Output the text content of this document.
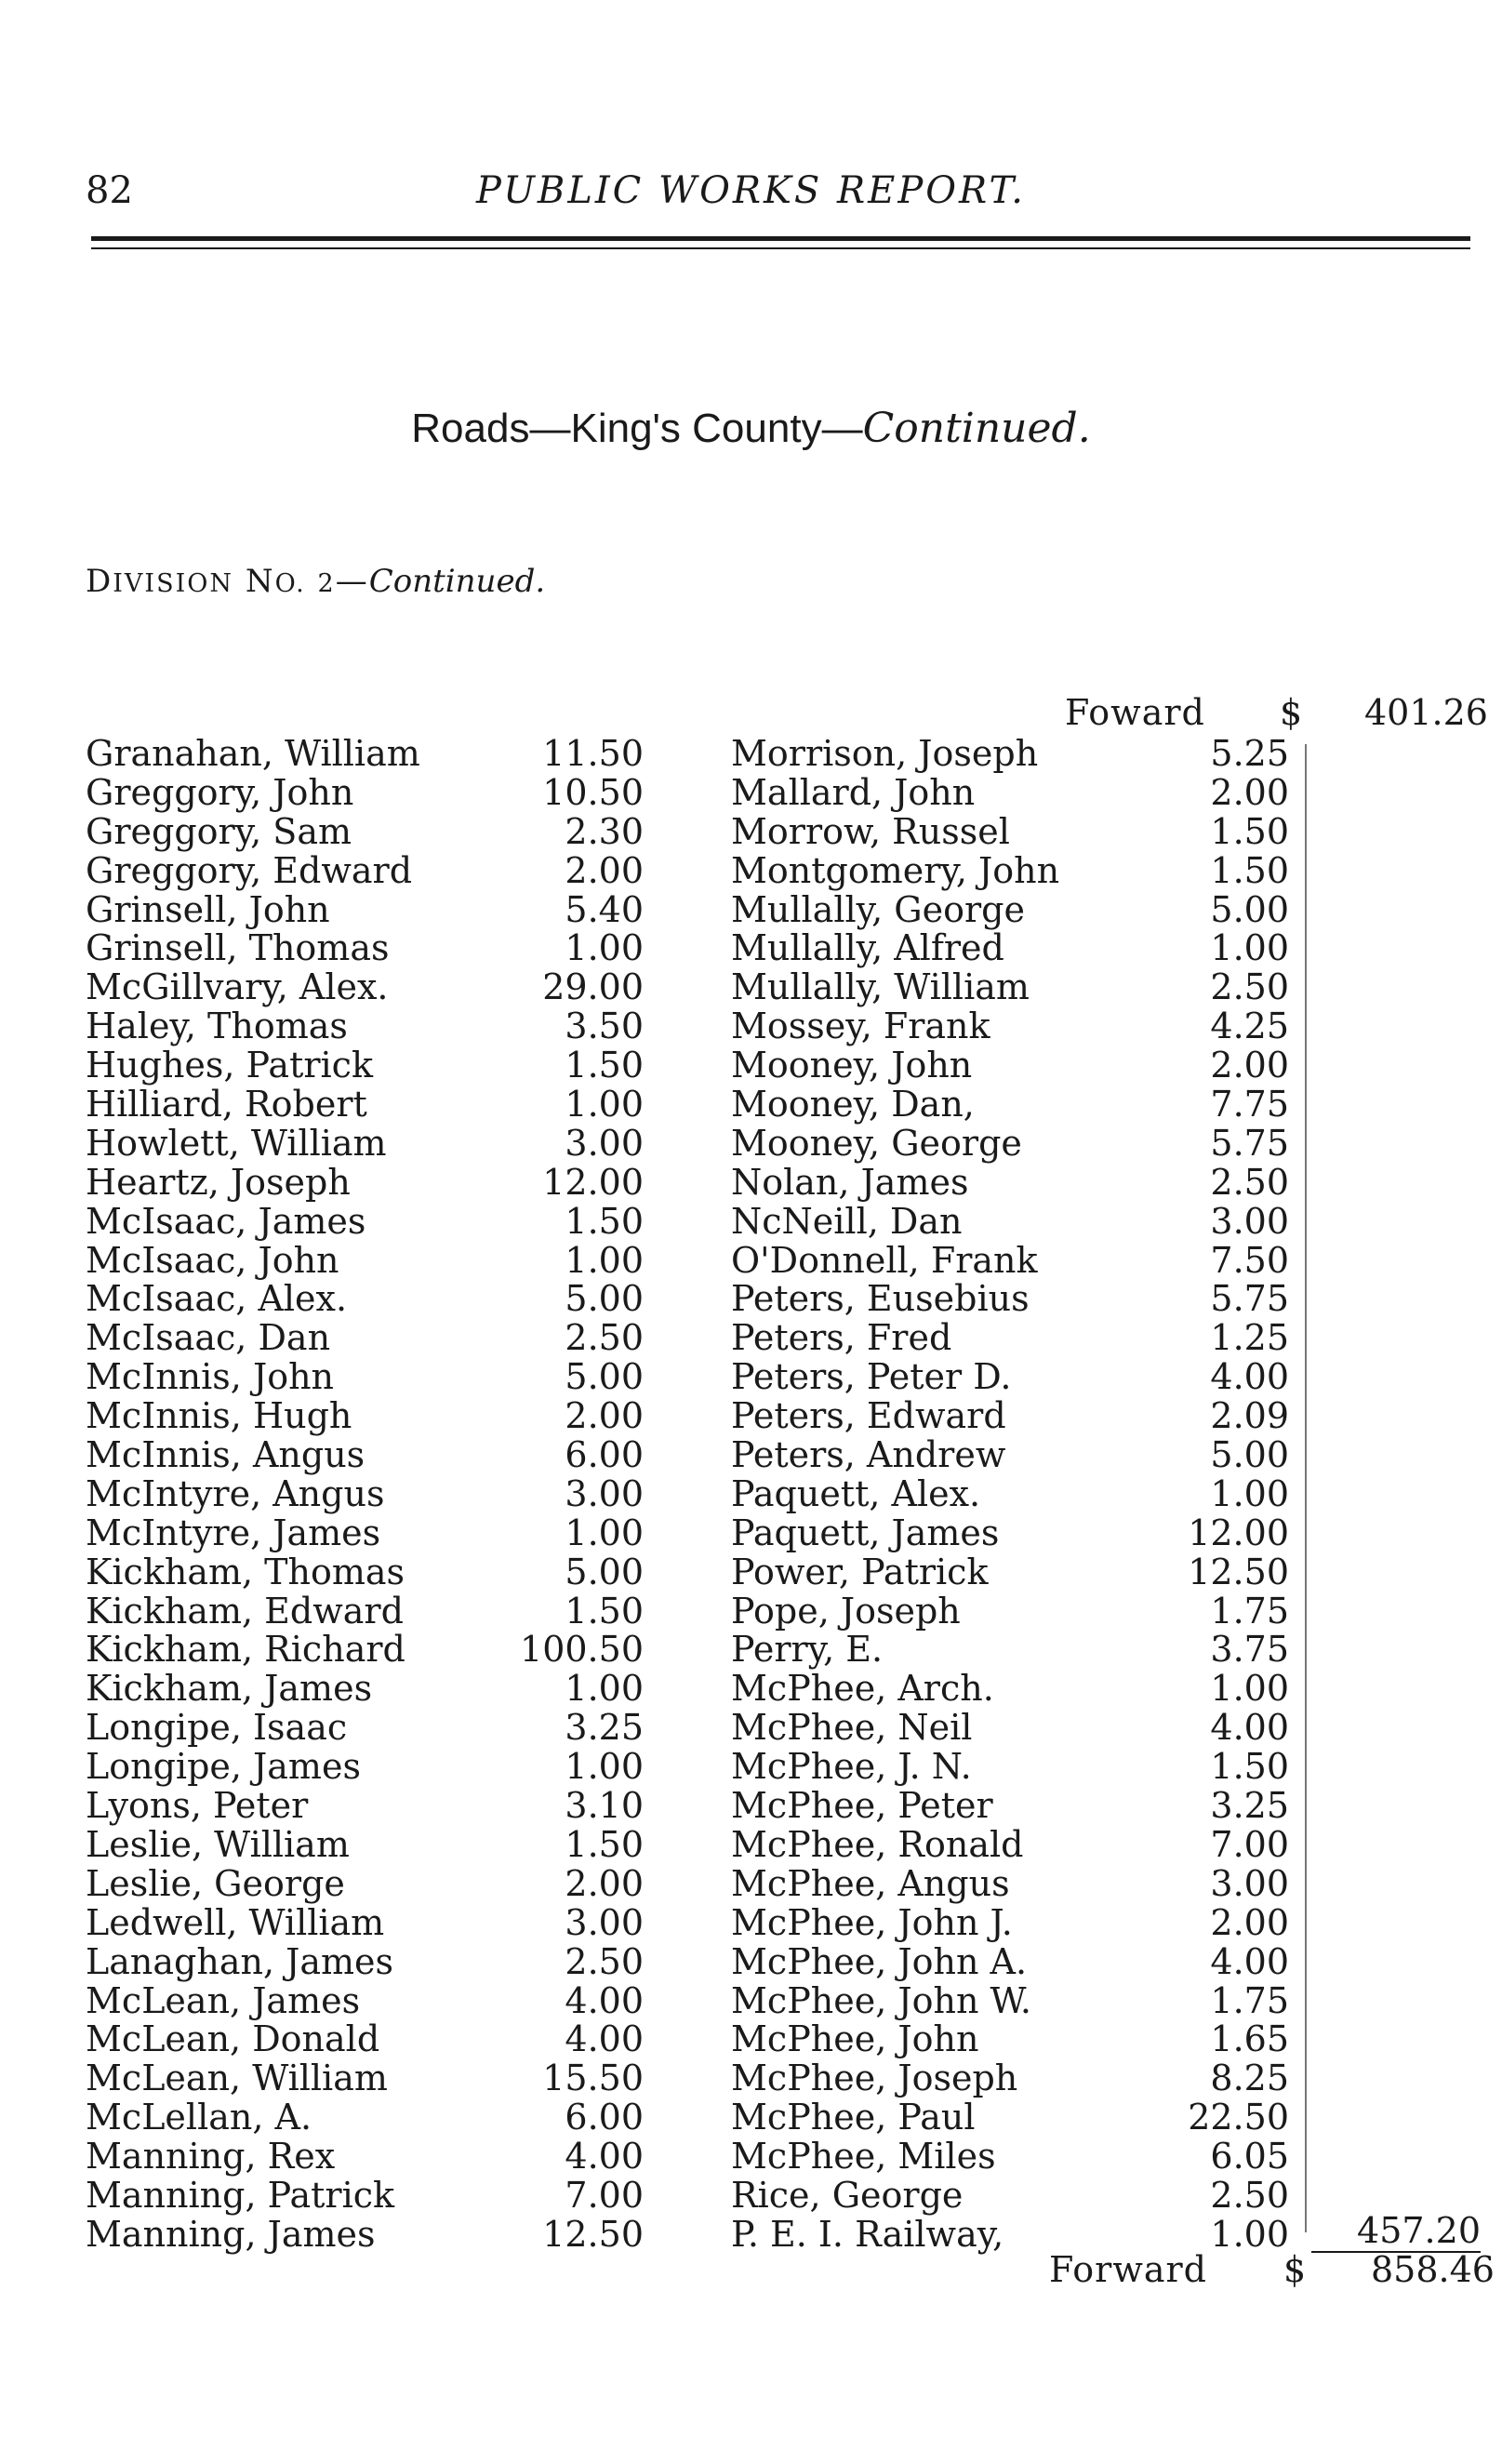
82	PUBLIC WORKS REPORT.
Roads—King's County—Continued.
DIVISION NO. 2—Continued.
Foward $ 401.26
Granahan, William	11.50
Greggory, John	10.50
Greggory, Sam	2.30
Greggory, Edward	2.00
Grinsell, John	5.40
Grinsell, Thomas	1.00
McGillvary, Alex.	29.00
Haley, Thomas	3.50
Hughes, Patrick	1.50
Hilliard, Robert	1.00
Howlett, William	3.00
Heartz, Joseph	12.00
McIsaac, James	1.50
McIsaac, John	1.00
McIsaac, Alex.	5.00
McIsaac, Dan	2.50
McInnis, John	5.00
McInnis, Hugh	2.00
McInnis, Angus	6.00
McIntyre, Angus	3.00
McIntyre, James	1.00
Kickham, Thomas	5.00
Kickham, Edward	1.50
Kickham, Richard	100.50
Kickham, James	1.00
Longipe, Isaac	3.25
Longipe, James	1.00
Lyons, Peter	3.10
Leslie, William	1.50
Leslie, George	2.00
Ledwell, William	3.00
Lanaghan, James	2.50
McLean, James	4.00
McLean, Donald	4.00
McLean, William	15.50
McLellan, A.	6.00
Manning, Rex	4.00
Manning, Patrick	7.00
Manning, James	12.50
Morrison, Joseph	5.25
Mallard, John	2.00
Morrow, Russel	1.50
Montgomery, John	1.50
Mullally, George	5.00
Mullally, Alfred	1.00
Mullally, William	2.50
Mossey, Frank	4.25
Mooney, John	2.00
Mooney, Dan,	7.75
Mooney, George	5.75
Nolan, James	2.50
NcNeill, Dan	3.00
O'Donnell, Frank	7.50
Peters, Eusebius	5.75
Peters, Fred	1.25
Peters, Peter D.	4.00
Peters, Edward	2.09
Peters, Andrew	5.00
Paquett, Alex.	1.00
Paquett, James	12.00
Power, Patrick	12.50
Pope, Joseph	1.75
Perry, E.	3.75
McPhee, Arch.	1.00
McPhee, Neil	4.00
McPhee, J. N.	1.50
McPhee, Peter	3.25
McPhee, Ronald	7.00
McPhee, Angus	3.00
McPhee, John J.	2.00
McPhee, John A.	4.00
McPhee, John W.	1.75
McPhee, John	1.65
McPhee, Joseph	8.25
McPhee, Paul	22.50
McPhee, Miles	6.05
Rice, George	2.50
P. E. I. Railway,	1.00	457.20
Forward $ 858.46
